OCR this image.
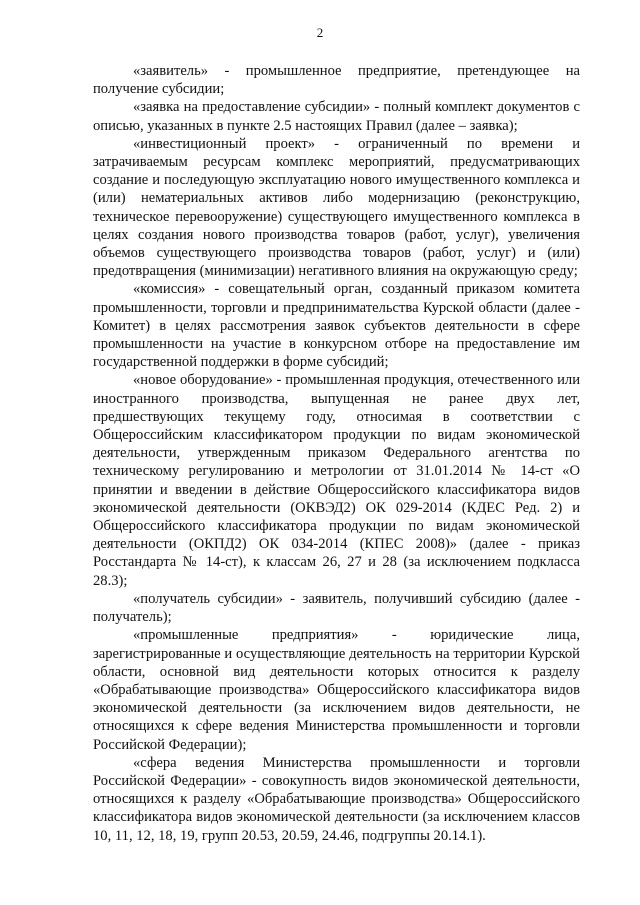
2

«заявитель» - промышленное предприятие, претендующее на получение субсидии;

«заявка на предоставление субсидии» - полный комплект документов с описью, указанных в пункте 2.5 настоящих Правил (далее – заявка);

«инвестиционный проект» - ограниченный по времени и затрачиваемым ресурсам комплекс мероприятий, предусматривающих создание и последующую эксплуатацию нового имущественного комплекса и (или) нематериальных активов либо модернизацию (реконструкцию, техническое перевооружение) существующего имущественного комплекса в целях создания нового производства товаров (работ, услуг), увеличения объемов существующего производства товаров (работ, услуг) и (или) предотвращения (минимизации) негативного влияния на окружающую среду;

«комиссия» - совещательный орган, созданный приказом комитета промышленности, торговли и предпринимательства Курской области (далее - Комитет) в целях рассмотрения заявок субъектов деятельности в сфере промышленности на участие в конкурсном отборе на предоставление им государственной поддержки в форме субсидий;

«новое оборудование» - промышленная продукция, отечественного или иностранного производства, выпущенная не ранее двух лет, предшествующих текущему году, относимая в соответствии с Общероссийским классификатором продукции по видам экономической деятельности, утвержденным приказом Федерального агентства по техническому регулированию и метрологии от 31.01.2014 № 14-ст «О принятии и введении в действие Общероссийского классификатора видов экономической деятельности (ОКВЭД2) ОК 029-2014 (КДЕС Ред. 2) и Общероссийского классификатора продукции по видам экономической деятельности (ОКПД2) ОК 034-2014 (КПЕС 2008)» (далее - приказ Росстандарта № 14-ст), к классам 26, 27 и 28 (за исключением подкласса 28.3);

«получатель субсидии» - заявитель, получивший субсидию (далее - получатель);

«промышленные предприятия» - юридические лица, зарегистрированные и осуществляющие деятельность на территории Курской области, основной вид деятельности которых относится к разделу «Обрабатывающие производства» Общероссийского классификатора видов экономической деятельности (за исключением видов деятельности, не относящихся к сфере ведения Министерства промышленности и торговли Российской Федерации);

«сфера ведения Министерства промышленности и торговли Российской Федерации» - совокупность видов экономической деятельности, относящихся к разделу «Обрабатывающие производства» Общероссийского классификатора видов экономической деятельности (за исключением классов 10, 11, 12, 18, 19, групп 20.53, 20.59, 24.46, подгруппы 20.14.1).
